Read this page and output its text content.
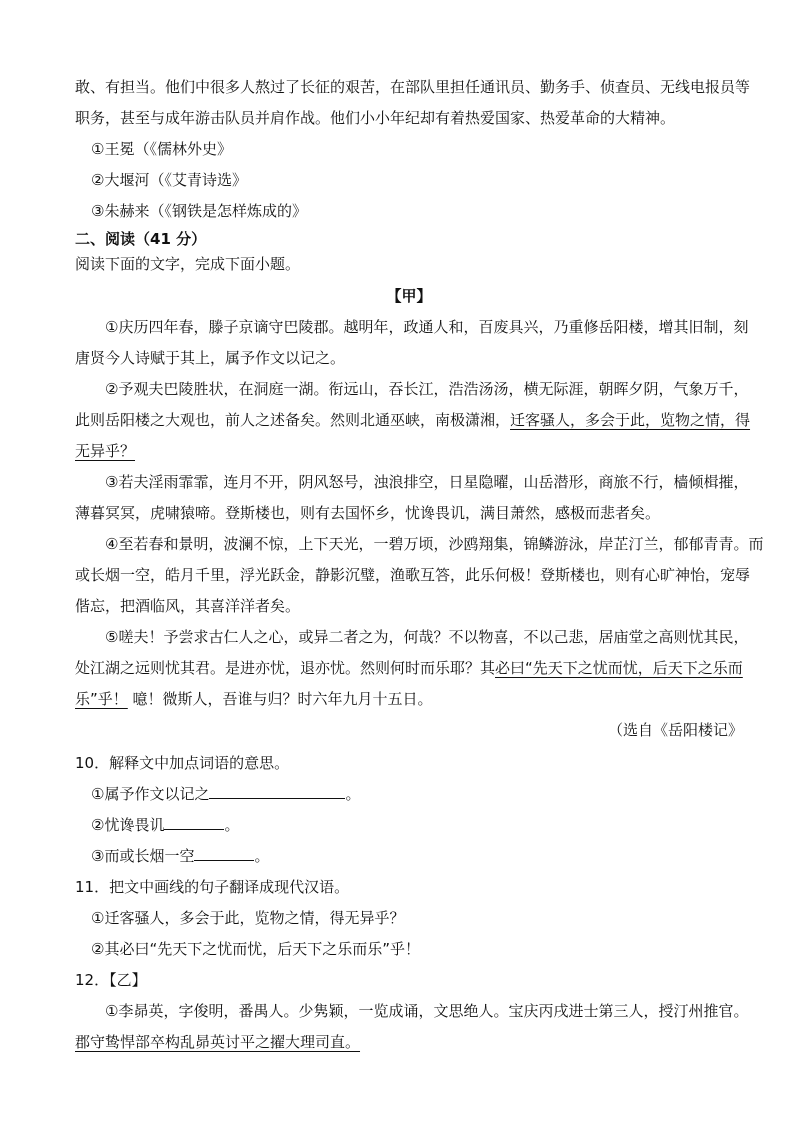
敢、有担当。他们中很多人熬过了长征的艰苦，在部队里担任通讯员、勤务手、侦查员、无线电报员等
职务，甚至与成年游击队员并肩作战。他们小小年纪却有着热爱国家、热爱革命的大精神。
①王冕（《儒林外史》
②大堰河（《艾青诗选》
③朱赫来（《钢铁是怎样炼成的》
二、阅读（41 分）
阅读下面的文字，完成下面小题。
【甲】
①庆历四年春，滕子京谪守巴陵郡。越明年，政通人和，百废具兴，乃重修岳阳楼，增其旧制，刻
唐贤今人诗赋于其上，属予作文以记之。
②予观夫巴陵胜状，在洞庭一湖。衔远山，吞长江，浩浩汤汤，横无际涯，朝晖夕阴，气象万千，
此则岳阳楼之大观也，前人之述备矣。然则北通巫峡，南极潇湘，迁客骚人，多会于此，览物之情，得
无异乎？
③若夫淫雨霏霏，连月不开，阴风怒号，浊浪排空，日星隐曜，山岳潜形，商旅不行，樯倾楫摧，
薄暮冥冥，虎啸猿啼。登斯楼也，则有去国怀乡，忧谗畏讥，满目萧然，感极而悲者矣。
④至若春和景明，波澜不惊，上下天光，一碧万顷，沙鸥翔集，锦鳞游泳，岸芷汀兰，郁郁青青。而
或长烟一空，皓月千里，浮光跃金，静影沉璧，渔歌互答，此乐何极！登斯楼也，则有心旷神怡，宠辱
偕忘，把酒临风，其喜洋洋者矣。
⑤嗟夫！予尝求古仁人之心，或异二者之为，何哉？不以物喜，不以己悲，居庙堂之高则忧其民，
处江湖之远则忧其君。是进亦忧，退亦忧。然则何时而乐耶？其必曰“先天下之忧而忧，后天下之乐而
乐”乎！ 噫！微斯人，吾谁与归？时六年九月十五日。
（选自《岳阳楼记》
10．解释文中加点词语的意思。
①属予作文以记之	。
②忧谗畏讥	。
③而或长烟一空	。
11．把文中画线的句子翻译成现代汉语。
①迁客骚人，多会于此，览物之情，得无异乎？
②其必曰“先天下之忧而忧，后天下之乐而乐”乎！
12．【乙】
①李昴英，字俊明，番禺人。少隽颖，一览成诵，文思绝人。宝庆丙戌进士第三人，授汀州推官。
郡守鸷悍部卒构乱昴英讨平之擢大理司直。
